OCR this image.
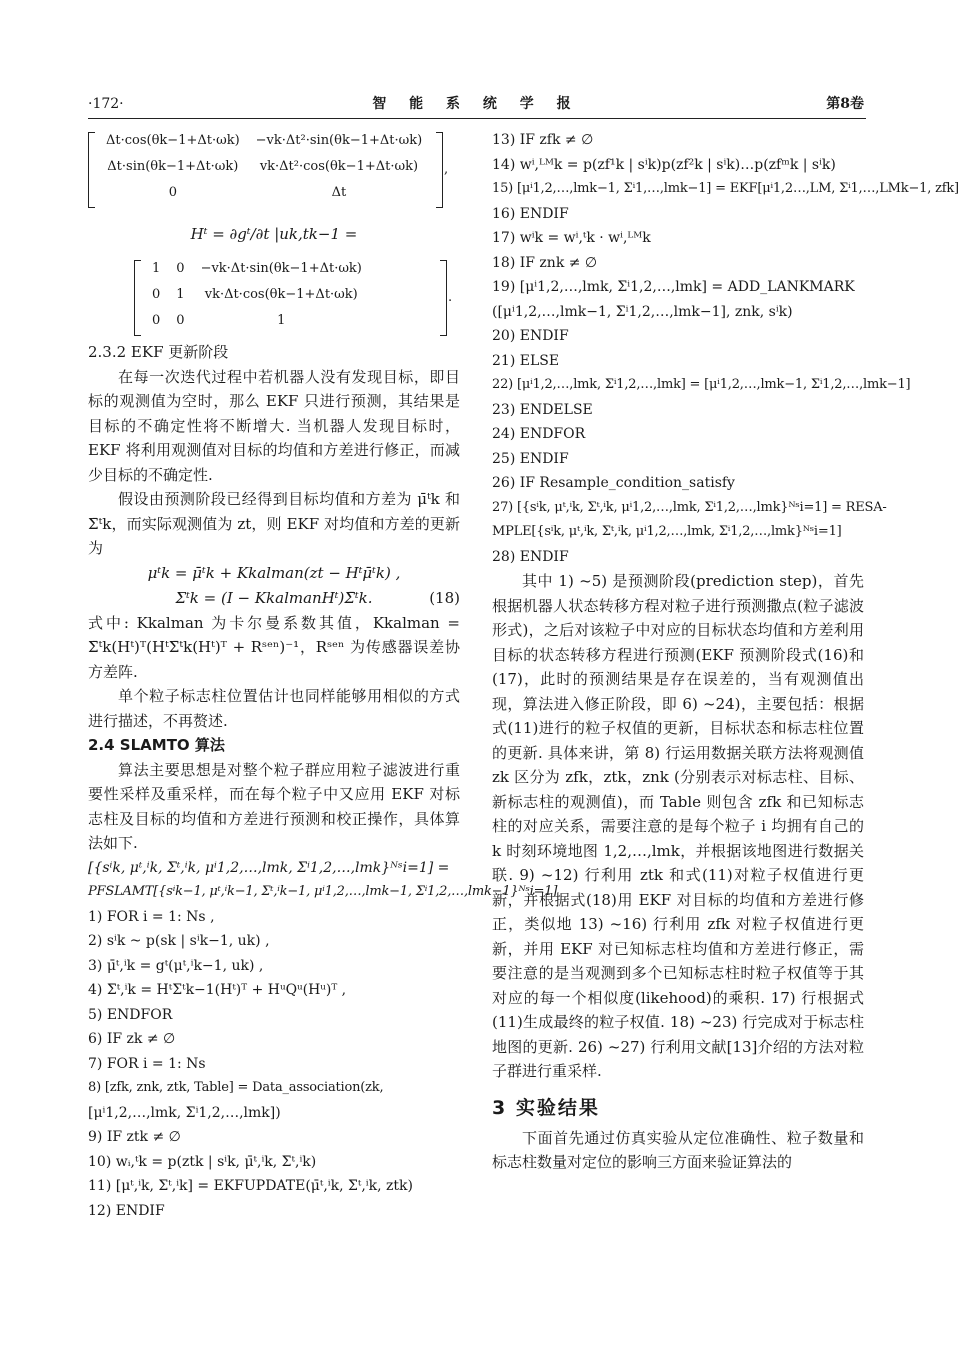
·172·	智 能 系 统 学 报	第8卷
Δt·cos(θk−1+Δt·ωk)	−vk·Δt²·sin(θk−1+Δt·ωk)
Δt·sin(θk−1+Δt·ωk)	vk·Δt²·cos(θk−1+Δt·ωk)
0	Δt
,
Hᵗ = ∂gᵗ/∂t |uk,tk−1 =
1	0	−vk·Δt·sin(θk−1+Δt·ωk)
0	1	vk·Δt·cos(θk−1+Δt·ωk)
0	0	1
.
2.3.2 EKF 更新阶段

在每一次迭代过程中若机器人没有发现目标，即目标的观测值为空时，那么 EKF 只进行预测，其结果是目标的不确定性将不断增大. 当机器人发现目标时，EKF 将利用观测值对目标的均值和方差进行修正，而减少目标的不确定性.

假设由预测阶段已经得到目标均值和方差为 μ̄ᵗk 和 Σ̄ᵗk，而实际观测值为 zt，则 EKF 对均值和方差的更新为

μᵗk = μ̄ᵗk + Kkalman(zt − Hᵗμ̄ᵗk) ,
Σᵗk = (I − KkalmanHᵗ)Σ̄ᵗk.	(18)

式中: Kkalman 为卡尔曼系数其值，Kkalman = Σ̄ᵗk(Hᵗ)ᵀ(HᵗΣ̄ᵗk(Hᵗ)ᵀ + Rˢᵉⁿ)⁻¹，Rˢᵉⁿ 为传感器误差协方差阵.

单个粒子标志柱位置估计也同样能够用相似的方式进行描述，不再赘述.

2.4 SLAMTO 算法

算法主要思想是对整个粒子群应用粒子滤波进行重要性采样及重采样，而在每个粒子中又应用 EKF 对标志柱及目标的均值和方差进行预测和校正操作，具体算法如下.

[{sⁱk, μᵗ,ⁱk, Σᵗ,ⁱk, μⁱ1,2,…,lmk, Σⁱ1,2,…,lmk}ᴺˢi=1] =
PFSLAMT[{sⁱk−1, μᵗ,ⁱk−1, Σᵗ,ⁱk−1, μⁱ1,2,…,lmk−1, Σⁱ1,2,…,lmk−1}ᴺˢi=1]
1) FOR i = 1: Ns ,
2) sⁱk ~ p(sk | sⁱk−1, uk) ,
3) μ̄ᵗ,ⁱk = gᵗ(μᵗ,ⁱk−1, uk) ,
4) Σ̄ᵗ,ⁱk = HᵗΣᵗk−1(Hᵗ)ᵀ + HᵘQᵘ(Hᵘ)ᵀ ,
5) ENDFOR
6) IF zk ≠ ∅
7) FOR i = 1: Ns
8) [zfk, znk, ztk, Table] = Data_association(zk,
[μⁱ1,2,…,lmk, Σⁱ1,2,…,lmk])
9) IF ztk ≠ ∅
10) wᵢ,ᵗk = p(ztk | sⁱk, μ̄ᵗ,ⁱk, Σ̄ᵗ,ⁱk)
11) [μᵗ,ⁱk, Σᵗ,ⁱk] = EKFUPDATE(μ̄ᵗ,ⁱk, Σ̄ᵗ,ⁱk, ztk)
12) ENDIF
13) IF zfk ≠ ∅
14) wⁱ,ᴸᴹk = p(zf¹k | sⁱk)p(zf²k | sⁱk)…p(zfᵐk | sⁱk)
15) [μⁱ1,2,…,lmk−1, Σⁱ1,…,lmk−1] = EKF[μⁱ1,2…,LM, Σⁱ1,…,LMk−1, zfk]
16) ENDIF
17) wⁱk = wⁱ,ᵗk · wⁱ,ᴸᴹk
18) IF znk ≠ ∅
19) [μⁱ1,2,…,lmk, Σⁱ1,2,…,lmk] = ADD_LANKMARK
([μⁱ1,2,…,lmk−1, Σⁱ1,2,…,lmk−1], znk, sⁱk)
20) ENDIF
21) ELSE
22) [μⁱ1,2,…,lmk, Σⁱ1,2,…,lmk] = [μⁱ1,2,…,lmk−1, Σⁱ1,2,…,lmk−1]
23) ENDELSE
24) ENDFOR
25) ENDIF
26) IF Resample_condition_satisfy
27) [{sⁱk, μᵗ,ⁱk, Σᵗ,ⁱk, μⁱ1,2,…,lmk, Σⁱ1,2,…,lmk}ᴺˢi=1] = RESA-
MPLE[{sⁱk, μᵗ,ⁱk, Σᵗ,ⁱk, μⁱ1,2,…,lmk, Σⁱ1,2,…,lmk}ᴺˢi=1]
28) ENDIF

其中 1) ~5) 是预测阶段(prediction step)，首先根据机器人状态转移方程对粒子进行预测撒点(粒子滤波形式)，之后对该粒子中对应的目标状态均值和方差利用目标的状态转移方程进行预测(EKF 预测阶段式(16)和(17)，此时的预测结果是存在误差的，当有观测值出现，算法进入修正阶段，即 6) ~24)，主要包括：根据式(11)进行的粒子权值的更新，目标状态和标志柱位置的更新. 具体来讲，第 8) 行运用数据关联方法将观测值 zk 区分为 zfk，ztk，znk (分别表示对标志柱、目标、新标志柱的观测值)，而 Table 则包含 zfk 和已知标志柱的对应关系，需要注意的是每个粒子 i 均拥有自己的 k 时刻环境地图 1,2,…,lmk，并根据该地图进行数据关联. 9) ~12) 行利用 ztk 和式(11)对粒子权值进行更新，并根据式(18)用 EKF 对目标的均值和方差进行修正，类似地 13) ~16) 行利用 zfk 对粒子权值进行更新，并用 EKF 对已知标志柱均值和方差进行修正，需要注意的是当观测到多个已知标志柱时粒子权值等于其对应的每一个相似度(likehood)的乘积. 17) 行根据式(11)生成最终的粒子权值. 18) ~23) 行完成对于标志柱地图的更新. 26) ~27) 行利用文献[13]介绍的方法对粒子群进行重采样.

3 实验结果

下面首先通过仿真实验从定位准确性、粒子数量和标志柱数量对定位的影响三方面来验证算法的
